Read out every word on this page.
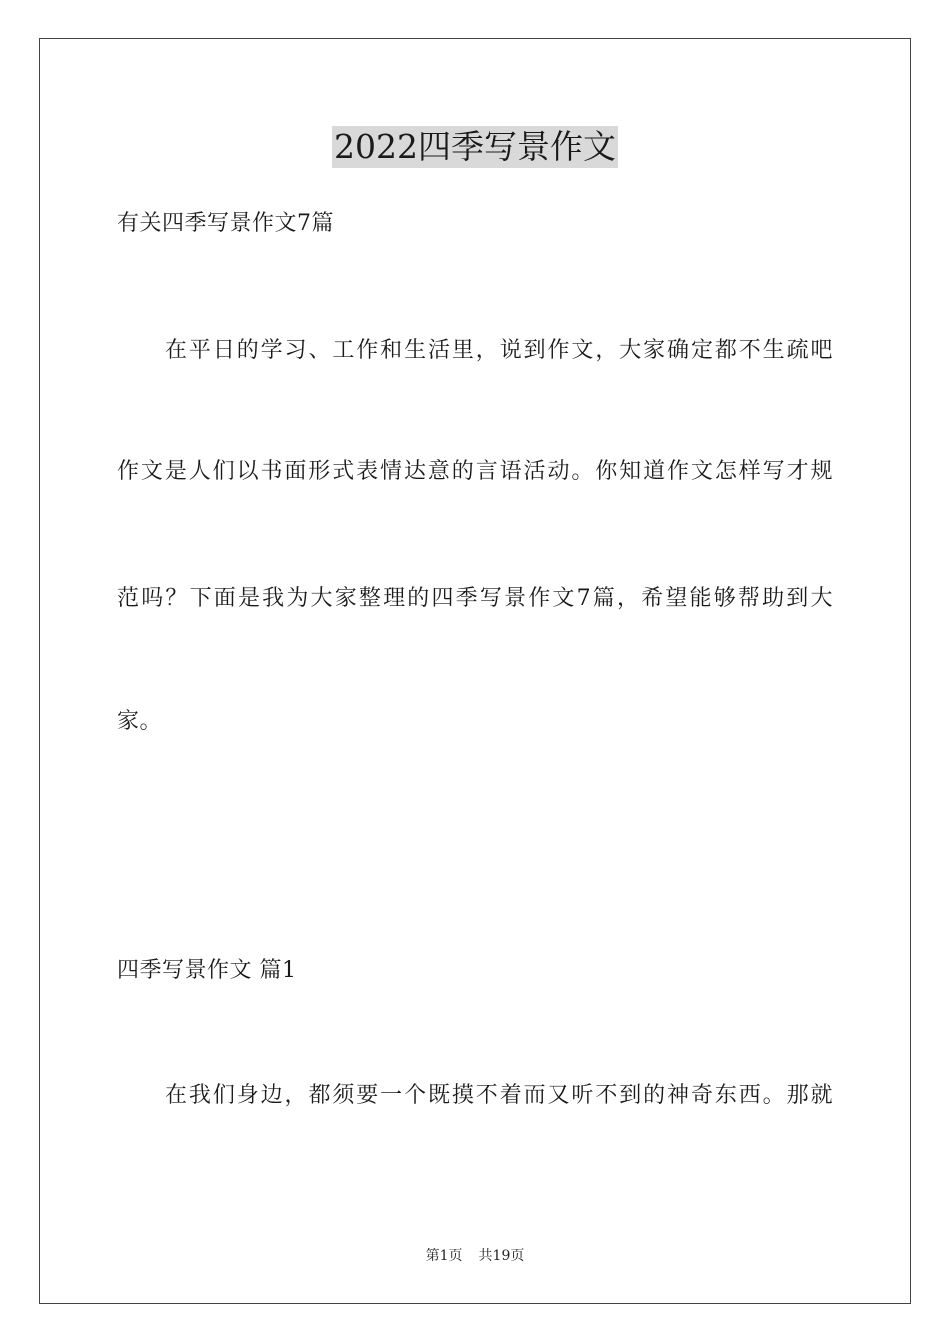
2022四季写景作文
有关四季写景作文7篇
在平日的学习、工作和生活里，说到作文，大家确定都不生疏吧
作文是人们以书面形式表情达意的言语活动。你知道作文怎样写才规
范吗？下面是我为大家整理的四季写景作文7篇，希望能够帮助到大
家。
四季写景作文 篇1
在我们身边，都须要一个既摸不着而又听不到的神奇东西。那就
第1页 共19页
